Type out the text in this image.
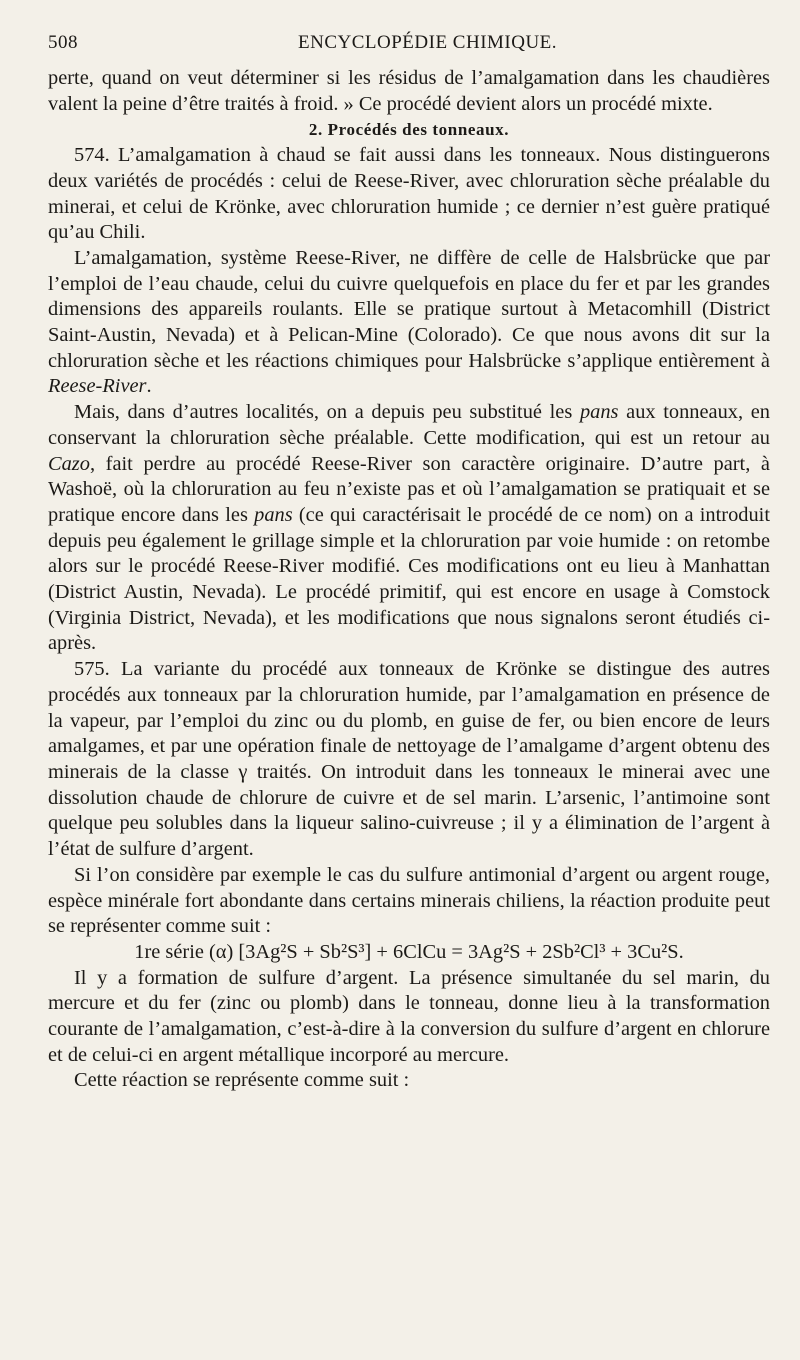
508	ENCYCLOPÉDIE CHIMIQUE.

perte, quand on veut déterminer si les résidus de l’amalgamation dans les chaudières valent la peine d’être traités à froid. » Ce procédé devient alors un procédé mixte.

2. Procédés des tonneaux.

574. L’amalgamation à chaud se fait aussi dans les tonneaux. Nous distinguerons deux variétés de procédés : celui de Reese-River, avec chloruration sèche préalable du minerai, et celui de Krönke, avec chloruration humide ; ce dernier n’est guère pratiqué qu’au Chili.

L’amalgamation, système Reese-River, ne diffère de celle de Halsbrücke que par l’emploi de l’eau chaude, celui du cuivre quelquefois en place du fer et par les grandes dimensions des appareils roulants. Elle se pratique surtout à Metacomhill (District Saint-Austin, Nevada) et à Pelican-Mine (Colorado). Ce que nous avons dit sur la chloruration sèche et les réactions chimiques pour Halsbrücke s’applique entièrement à Reese-River.

Mais, dans d’autres localités, on a depuis peu substitué les pans aux tonneaux, en conservant la chloruration sèche préalable. Cette modification, qui est un retour au Cazo, fait perdre au procédé Reese-River son caractère originaire. D’autre part, à Washoë, où la chloruration au feu n’existe pas et où l’amalgamation se pratiquait et se pratique encore dans les pans (ce qui caractérisait le procédé de ce nom) on a introduit depuis peu également le grillage simple et la chloruration par voie humide : on retombe alors sur le procédé Reese-River modifié. Ces modifications ont eu lieu à Manhattan (District Austin, Nevada). Le procédé primitif, qui est encore en usage à Comstock (Virginia District, Nevada), et les modifications que nous signalons seront étudiés ci-après.

575. La variante du procédé aux tonneaux de Krönke se distingue des autres procédés aux tonneaux par la chloruration humide, par l’amalgamation en présence de la vapeur, par l’emploi du zinc ou du plomb, en guise de fer, ou bien encore de leurs amalgames, et par une opération finale de nettoyage de l’amalgame d’argent obtenu des minerais de la classe γ traités. On introduit dans les tonneaux le minerai avec une dissolution chaude de chlorure de cuivre et de sel marin. L’arsenic, l’antimoine sont quelque peu solubles dans la liqueur salino-cuivreuse ; il y a élimination de l’argent à l’état de sulfure d’argent.

Si l’on considère par exemple le cas du sulfure antimonial d’argent ou argent rouge, espèce minérale fort abondante dans certains minerais chiliens, la réaction produite peut se représenter comme suit :

1re série (α) [3Ag²S + Sb²S³] + 6ClCu = 3Ag²S + 2Sb²Cl³ + 3Cu²S.

Il y a formation de sulfure d’argent. La présence simultanée du sel marin, du mercure et du fer (zinc ou plomb) dans le tonneau, donne lieu à la transformation courante de l’amalgamation, c’est-à-dire à la conversion du sulfure d’argent en chlorure et de celui-ci en argent métallique incorporé au mercure.

Cette réaction se représente comme suit :
